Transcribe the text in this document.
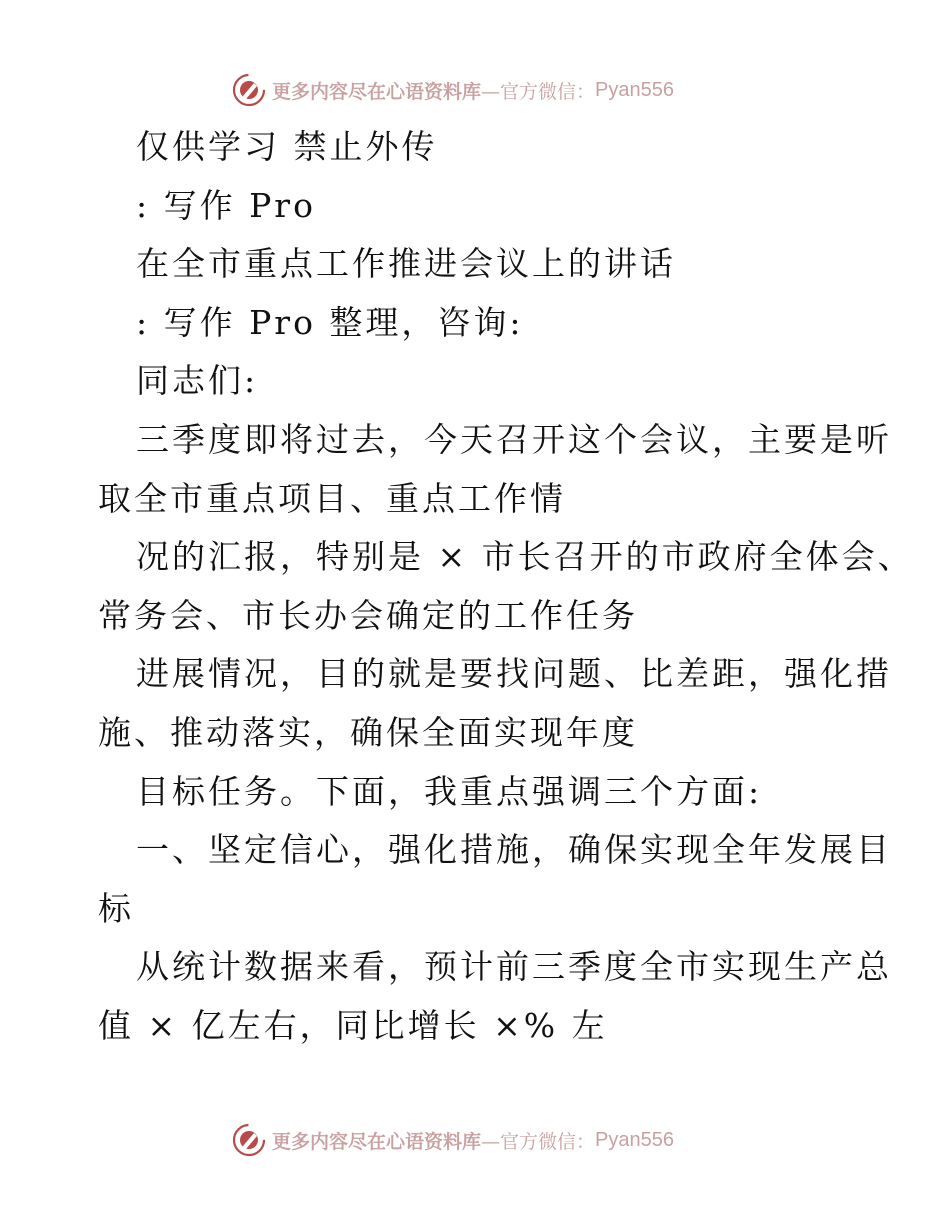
更多内容尽在心语资料库 —官方微信： Pyan556
仅供学习 禁止外传
: 写作 Pro
在全市重点工作推进会议上的讲话
: 写作 Pro 整理，咨询:
同志们:
三季度即将过去，今天召开这个会议，主要是听
取全市重点项目、重点工作情
况的汇报，特别是 × 市长召开的市政府全体会、
常务会、市长办会确定的工作任务
进展情况，目的就是要找问题、比差距，强化措
施、推动落实，确保全面实现年度
目标任务。下面，我重点强调三个方面:
一、坚定信心，强化措施，确保实现全年发展目
标
从统计数据来看，预计前三季度全市实现生产总
值 × 亿左右，同比增长 ×% 左
更多内容尽在心语资料库 —官方微信： Pyan556
